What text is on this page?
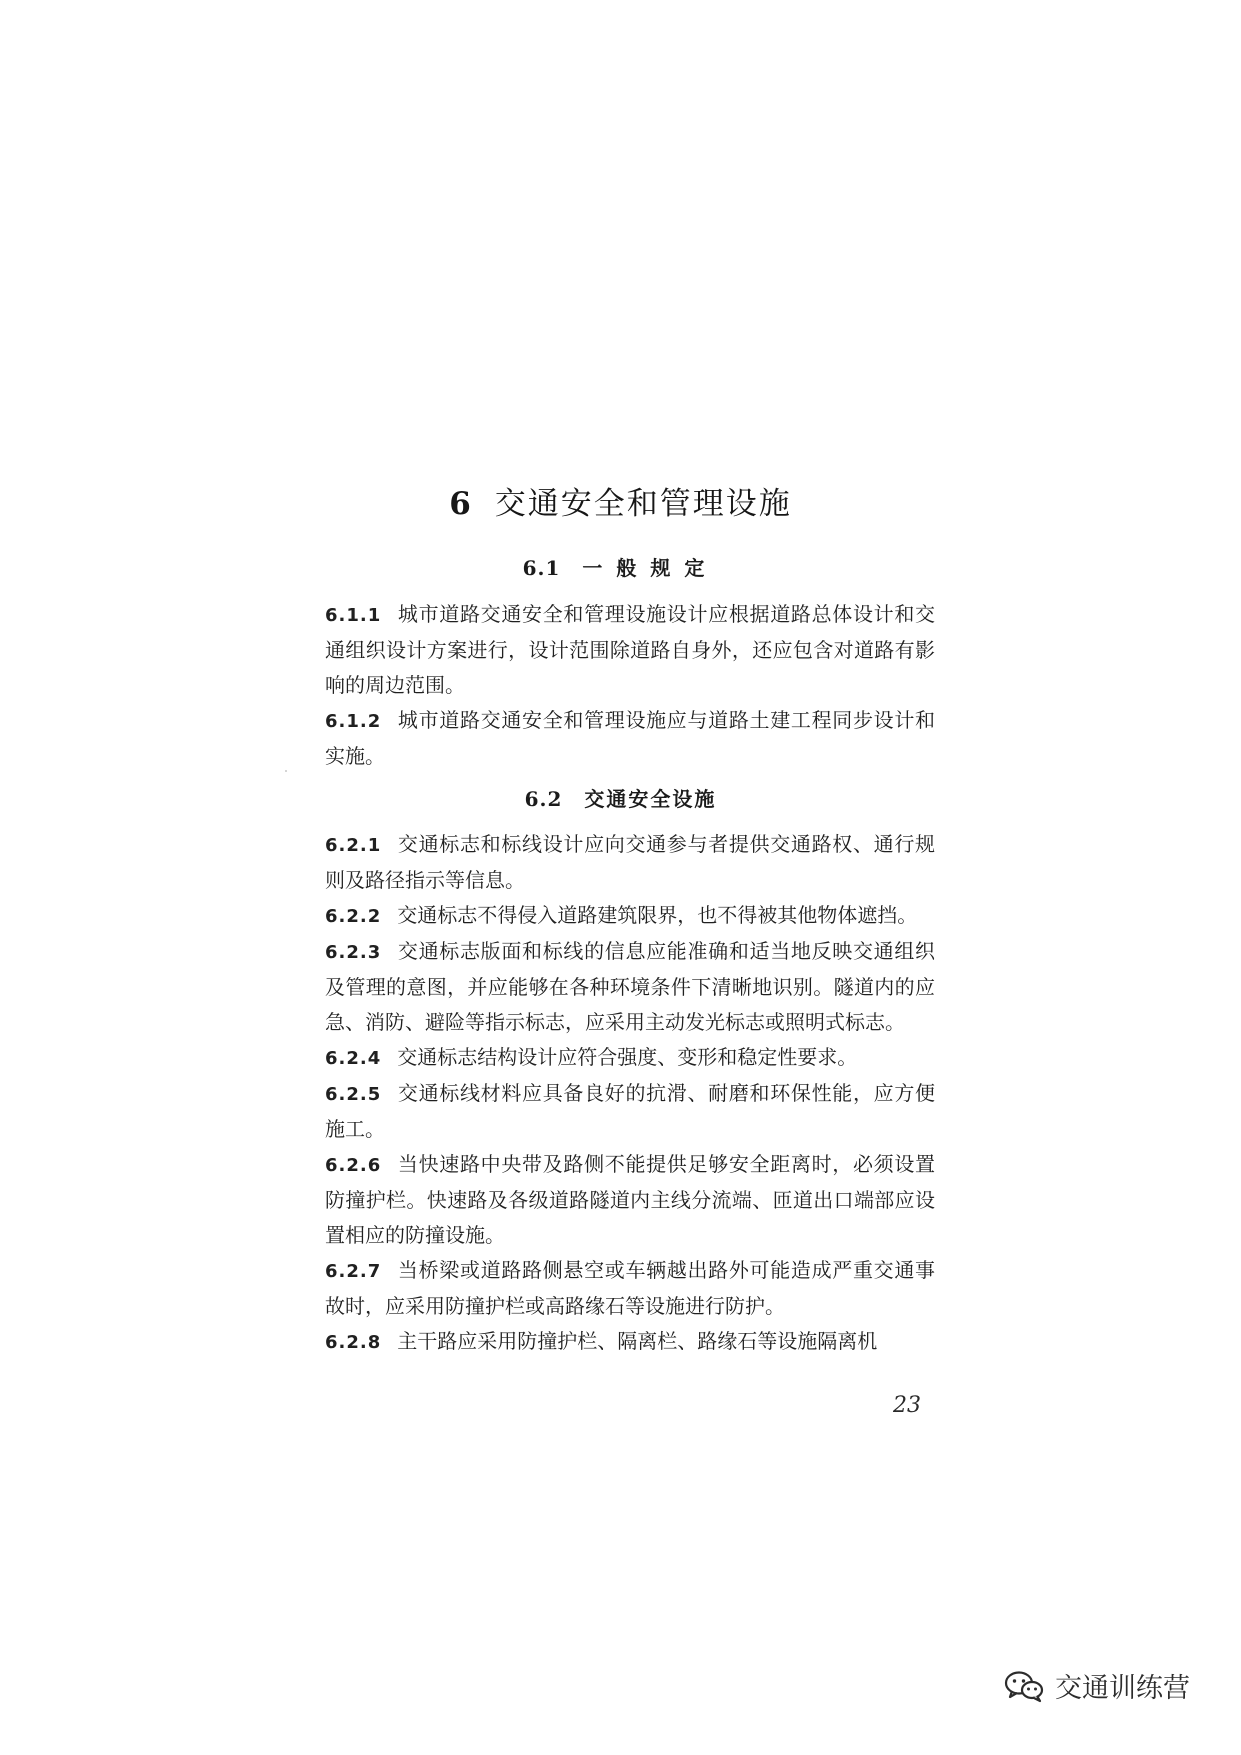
6 交通安全和管理设施
6.1 一般规定

6.1.1 城市道路交通安全和管理设施设计应根据道路总体设计和交通组织设计方案进行，设计范围除道路自身外，还应包含对道路有影响的周边范围。

6.1.2 城市道路交通安全和管理设施应与道路土建工程同步设计和实施。

6.2 交通安全设施

6.2.1 交通标志和标线设计应向交通参与者提供交通路权、通行规则及路径指示等信息。

6.2.2 交通标志不得侵入道路建筑限界，也不得被其他物体遮挡。

6.2.3 交通标志版面和标线的信息应能准确和适当地反映交通组织及管理的意图，并应能够在各种环境条件下清晰地识别。隧道内的应急、消防、避险等指示标志，应采用主动发光标志或照明式标志。

6.2.4 交通标志结构设计应符合强度、变形和稳定性要求。

6.2.5 交通标线材料应具备良好的抗滑、耐磨和环保性能，应方便施工。

6.2.6 当快速路中央带及路侧不能提供足够安全距离时，必须设置防撞护栏。快速路及各级道路隧道内主线分流端、匝道出口端部应设置相应的防撞设施。

6.2.7 当桥梁或道路路侧悬空或车辆越出路外可能造成严重交通事故时，应采用防撞护栏或高路缘石等设施进行防护。

6.2.8 主干路应采用防撞护栏、隔离栏、路缘石等设施隔离机

23
交通训练营
